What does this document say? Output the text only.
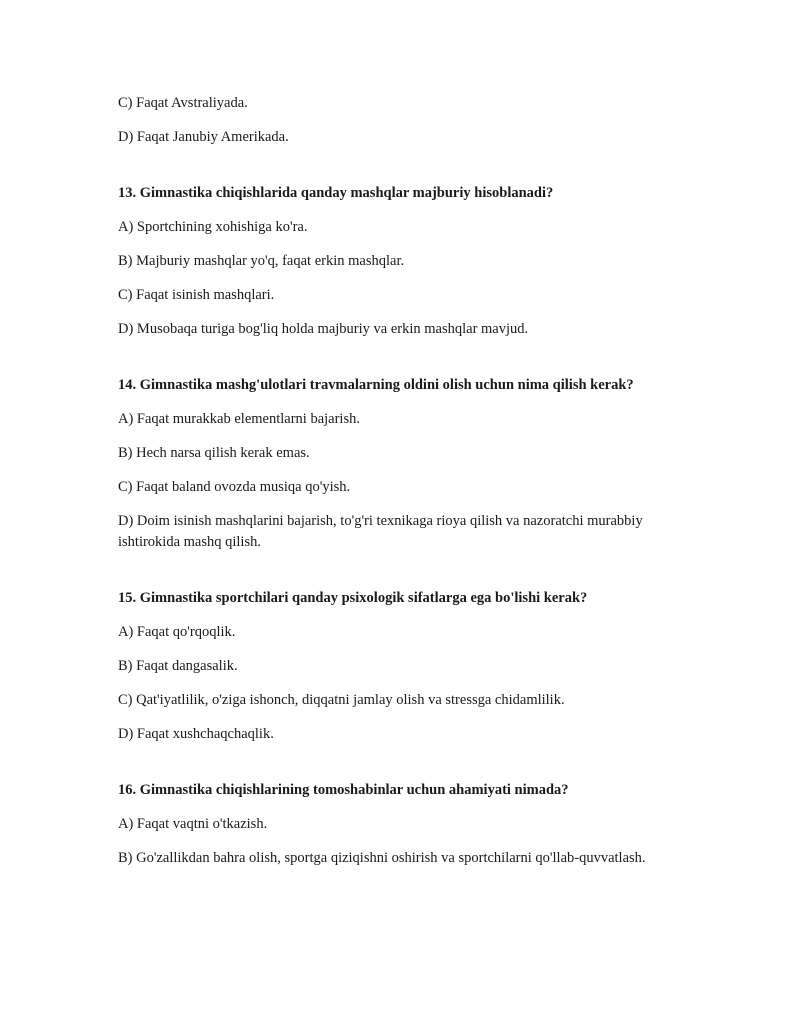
C) Faqat Avstraliyada.

D) Faqat Janubiy Amerikada.

13. Gimnastika chiqishlarida qanday mashqlar majburiy hisoblanadi?

A) Sportchining xohishiga ko'ra.

B) Majburiy mashqlar yo'q, faqat erkin mashqlar.

C) Faqat isinish mashqlari.

D) Musobaqa turiga bog'liq holda majburiy va erkin mashqlar mavjud.

14. Gimnastika mashg'ulotlari travmalarning oldini olish uchun nima qilish kerak?

A) Faqat murakkab elementlarni bajarish.

B) Hech narsa qilish kerak emas.

C) Faqat baland ovozda musiqa qo'yish.

D) Doim isinish mashqlarini bajarish, to'g'ri texnikaga rioya qilish va nazoratchi murabbiy ishtirokida mashq qilish.

15. Gimnastika sportchilari qanday psixologik sifatlarga ega bo'lishi kerak?

A) Faqat qo'rqoqlik.

B) Faqat dangasalik.

C) Qat'iyatlilik, o'ziga ishonch, diqqatni jamlay olish va stressga chidamlilik.

D) Faqat xushchaqchaqlik.

16. Gimnastika chiqishlarining tomoshabinlar uchun ahamiyati nimada?

A) Faqat vaqtni o'tkazish.

B) Go'zallikdan bahra olish, sportga qiziqishni oshirish va sportchilarni qo'llab-quvvatlash.
